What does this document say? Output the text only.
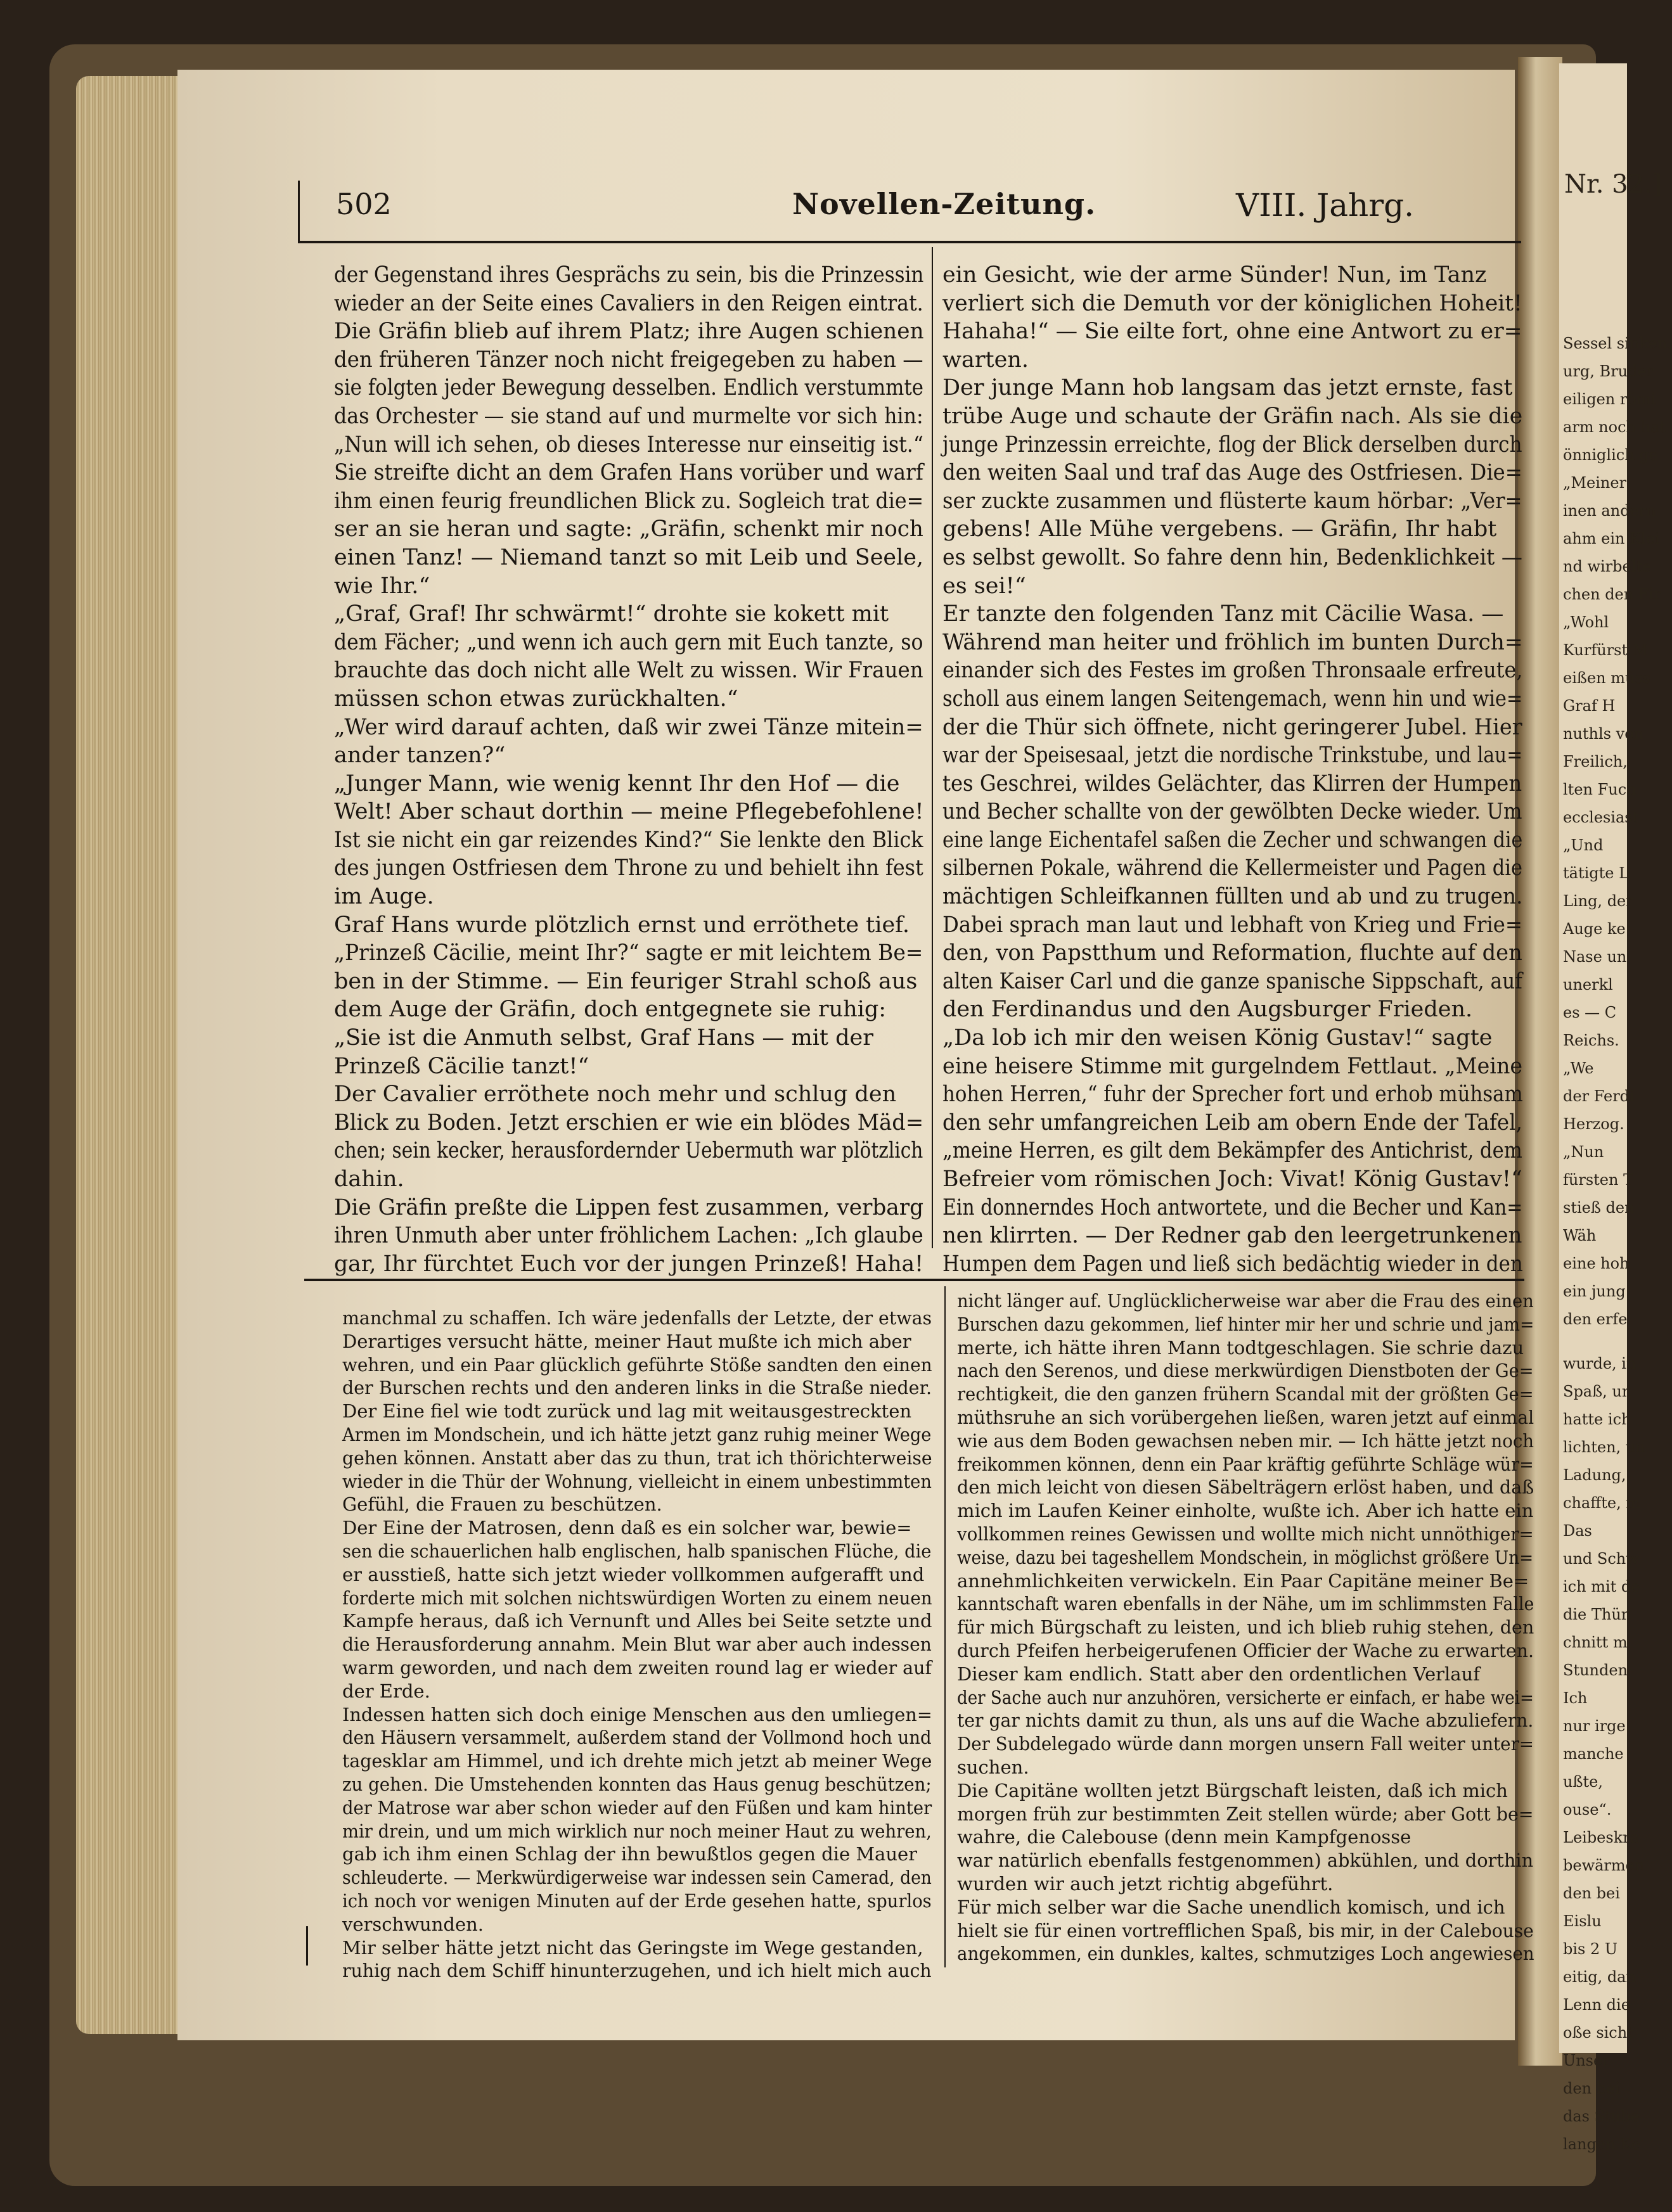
Nr. 32.]
Sessel sinken.
urg, Bruder
eiligen römi
arm noch hat
önniglich ge
„Meiner
inen andern
ahm ein Klei
nd wirbelte
chen den Fir
„Wohl
Kurfürst M
eißen müss
Graf H
nuthls von
Freilich,
lten Fuch
ecclesiast
„Und
tätigte L
Ling, der
Auge ke
Nase un
unerkl
es — C
Reichs.
„We
der Ferdi
Herzog.
„Nun
fürsten T
stieß den
Wäh
eine hoh
ein jung
den erfe
wurde, in
Spaß, un
hatte ich
lichten, un
Ladung,
chaffte, m
Das
und Schw
ich mit de
die Thür
chnitt m
Stunden
Ich
nur irge
manche
ußte,
ouse“.
Leibeskrä
bewärmen
den bei
Eislu
bis 2 U
eitig, dan
Lenn die
oße sicht
Unser
den bei
das Stube
langen Ke
502	Novellen-Zeitung.	VIII. Jahrg.
der Gegenstand ihres Gesprächs zu sein, bis die Prinzessin
wieder an der Seite eines Cavaliers in den Reigen eintrat.
Die Gräfin blieb auf ihrem Platz; ihre Augen schienen
den früheren Tänzer noch nicht freigegeben zu haben —
sie folgten jeder Bewegung desselben. Endlich verstummte
das Orchester — sie stand auf und murmelte vor sich hin:
„Nun will ich sehen, ob dieses Interesse nur einseitig ist.“
Sie streifte dicht an dem Grafen Hans vorüber und warf
ihm einen feurig freundlichen Blick zu. Sogleich trat die=
ser an sie heran und sagte: „Gräfin, schenkt mir noch
einen Tanz! — Niemand tanzt so mit Leib und Seele,
wie Ihr.“
„Graf, Graf! Ihr schwärmt!“ drohte sie kokett mit
dem Fächer; „und wenn ich auch gern mit Euch tanzte, so
brauchte das doch nicht alle Welt zu wissen. Wir Frauen
müssen schon etwas zurückhalten.“
„Wer wird darauf achten, daß wir zwei Tänze mitein=
ander tanzen?“
„Junger Mann, wie wenig kennt Ihr den Hof — die
Welt! Aber schaut dorthin — meine Pflegebefohlene!
Ist sie nicht ein gar reizendes Kind?“ Sie lenkte den Blick
des jungen Ostfriesen dem Throne zu und behielt ihn fest
im Auge.
Graf Hans wurde plötzlich ernst und erröthete tief.
„Prinzeß Cäcilie, meint Ihr?“ sagte er mit leichtem Be=
ben in der Stimme. — Ein feuriger Strahl schoß aus
dem Auge der Gräfin, doch entgegnete sie ruhig:
„Sie ist die Anmuth selbst, Graf Hans — mit der
Prinzeß Cäcilie tanzt!“
Der Cavalier erröthete noch mehr und schlug den
Blick zu Boden. Jetzt erschien er wie ein blödes Mäd=
chen; sein kecker, herausfordernder Uebermuth war plötzlich
dahin.
Die Gräfin preßte die Lippen fest zusammen, verbarg
ihren Unmuth aber unter fröhlichem Lachen: „Ich glaube
gar, Ihr fürchtet Euch vor der jungen Prinzeß! Haha!
ein Gesicht, wie der arme Sünder! Nun, im Tanz
verliert sich die Demuth vor der königlichen Hoheit!
Hahaha!“ — Sie eilte fort, ohne eine Antwort zu er=
warten.
Der junge Mann hob langsam das jetzt ernste, fast
trübe Auge und schaute der Gräfin nach. Als sie die
junge Prinzessin erreichte, flog der Blick derselben durch
den weiten Saal und traf das Auge des Ostfriesen. Die=
ser zuckte zusammen und flüsterte kaum hörbar: „Ver=
gebens! Alle Mühe vergebens. — Gräfin, Ihr habt
es selbst gewollt. So fahre denn hin, Bedenklichkeit —
es sei!“
Er tanzte den folgenden Tanz mit Cäcilie Wasa. —
Während man heiter und fröhlich im bunten Durch=
einander sich des Festes im großen Thronsaale erfreute,
scholl aus einem langen Seitengemach, wenn hin und wie=
der die Thür sich öffnete, nicht geringerer Jubel. Hier
war der Speisesaal, jetzt die nordische Trinkstube, und lau=
tes Geschrei, wildes Gelächter, das Klirren der Humpen
und Becher schallte von der gewölbten Decke wieder. Um
eine lange Eichentafel saßen die Zecher und schwangen die
silbernen Pokale, während die Kellermeister und Pagen die
mächtigen Schleifkannen füllten und ab und zu trugen.
Dabei sprach man laut und lebhaft von Krieg und Frie=
den, von Papstthum und Reformation, fluchte auf den
alten Kaiser Carl und die ganze spanische Sippschaft, auf
den Ferdinandus und den Augsburger Frieden.
„Da lob ich mir den weisen König Gustav!“ sagte
eine heisere Stimme mit gurgelndem Fettlaut. „Meine
hohen Herren,“ fuhr der Sprecher fort und erhob mühsam
den sehr umfangreichen Leib am obern Ende der Tafel,
„meine Herren, es gilt dem Bekämpfer des Antichrist, dem
Befreier vom römischen Joch: Vivat! König Gustav!“
Ein donnerndes Hoch antwortete, und die Becher und Kan=
nen klirrten. — Der Redner gab den leergetrunkenen
Humpen dem Pagen und ließ sich bedächtig wieder in den
manchmal zu schaffen. Ich wäre jedenfalls der Letzte, der etwas
Derartiges versucht hätte, meiner Haut mußte ich mich aber
wehren, und ein Paar glücklich geführte Stöße sandten den einen
der Burschen rechts und den anderen links in die Straße nieder.
Der Eine fiel wie todt zurück und lag mit weitausgestreckten
Armen im Mondschein, und ich hätte jetzt ganz ruhig meiner Wege
gehen können. Anstatt aber das zu thun, trat ich thörichterweise
wieder in die Thür der Wohnung, vielleicht in einem unbestimmten
Gefühl, die Frauen zu beschützen.
Der Eine der Matrosen, denn daß es ein solcher war, bewie=
sen die schauerlichen halb englischen, halb spanischen Flüche, die
er ausstieß, hatte sich jetzt wieder vollkommen aufgerafft und
forderte mich mit solchen nichtswürdigen Worten zu einem neuen
Kampfe heraus, daß ich Vernunft und Alles bei Seite setzte und
die Herausforderung annahm. Mein Blut war aber auch indessen
warm geworden, und nach dem zweiten round lag er wieder auf
der Erde.
Indessen hatten sich doch einige Menschen aus den umliegen=
den Häusern versammelt, außerdem stand der Vollmond hoch und
tagesklar am Himmel, und ich drehte mich jetzt ab meiner Wege
zu gehen. Die Umstehenden konnten das Haus genug beschützen;
der Matrose war aber schon wieder auf den Füßen und kam hinter
mir drein, und um mich wirklich nur noch meiner Haut zu wehren,
gab ich ihm einen Schlag der ihn bewußtlos gegen die Mauer
schleuderte. — Merkwürdigerweise war indessen sein Camerad, den
ich noch vor wenigen Minuten auf der Erde gesehen hatte, spurlos
verschwunden.
Mir selber hätte jetzt nicht das Geringste im Wege gestanden,
ruhig nach dem Schiff hinunterzugehen, und ich hielt mich auch
nicht länger auf. Unglücklicherweise war aber die Frau des einen
Burschen dazu gekommen, lief hinter mir her und schrie und jam=
merte, ich hätte ihren Mann todtgeschlagen. Sie schrie dazu
nach den Serenos, und diese merkwürdigen Dienstboten der Ge=
rechtigkeit, die den ganzen frühern Scandal mit der größten Ge=
müthsruhe an sich vorübergehen ließen, waren jetzt auf einmal
wie aus dem Boden gewachsen neben mir. — Ich hätte jetzt noch
freikommen können, denn ein Paar kräftig geführte Schläge wür=
den mich leicht von diesen Säbelträgern erlöst haben, und daß
mich im Laufen Keiner einholte, wußte ich. Aber ich hatte ein
vollkommen reines Gewissen und wollte mich nicht unnöthiger=
weise, dazu bei tageshellem Mondschein, in möglichst größere Un=
annehmlichkeiten verwickeln. Ein Paar Capitäne meiner Be=
kanntschaft waren ebenfalls in der Nähe, um im schlimmsten Falle
für mich Bürgschaft zu leisten, und ich blieb ruhig stehen, den
durch Pfeifen herbeigerufenen Officier der Wache zu erwarten.
Dieser kam endlich. Statt aber den ordentlichen Verlauf
der Sache auch nur anzuhören, versicherte er einfach, er habe wei=
ter gar nichts damit zu thun, als uns auf die Wache abzuliefern.
Der Subdelegado würde dann morgen unsern Fall weiter unter=
suchen.
Die Capitäne wollten jetzt Bürgschaft leisten, daß ich mich
morgen früh zur bestimmten Zeit stellen würde; aber Gott be=
wahre, die Calebouse (denn mein Kampfgenosse
war natürlich ebenfalls festgenommen) abkühlen, und dorthin
wurden wir auch jetzt richtig abgeführt.
Für mich selber war die Sache unendlich komisch, und ich
hielt sie für einen vortrefflichen Spaß, bis mir, in der Calebouse
angekommen, ein dunkles, kaltes, schmutziges Loch angewiesen
